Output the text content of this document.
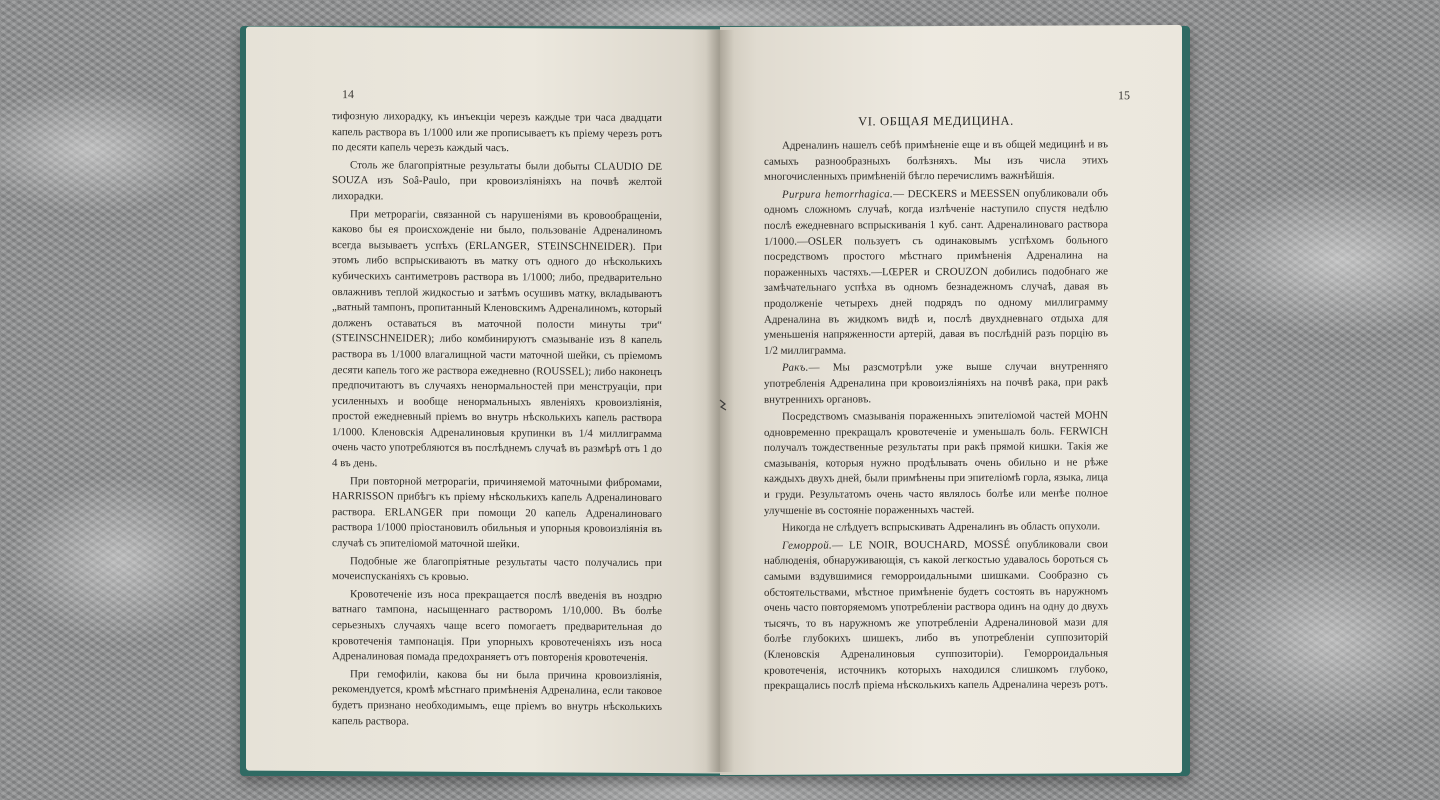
14

тифозную лихорадку, къ инъекціи черезъ каждые три часа двадцати капель раствора въ 1/1000 или же прописываетъ къ пріему черезъ ротъ по десяти капель черезъ каждый часъ.

Столь же благопріятные результаты были добыты CLAUDIO DE SOUZA изъ Soâ-Paulo, при кровоизліяніяхъ на почвѣ желтой лихорадки.

При метрорагіи, связанной съ нарушеніями въ кровообращеніи, каково бы ея происхожденіе ни было, пользованіе Адреналиномъ всегда вызываетъ успѣхъ (ERLANGER, STEINSCHNEIDER). При этомъ либо вспрыскиваютъ въ матку отъ одного до нѣсколькихъ кубическихъ сантиметровъ раствора въ 1/1000; либо, предварительно овлажнивъ теплой жидкостью и затѣмъ осушивъ матку, вкладываютъ „ватный тампонъ, пропитанный Кленовскимъ Адреналиномъ, который долженъ оставаться въ маточной полости минуты три“ (STEINSCHNEIDER); либо комбинируютъ смазываніе изъ 8 капель раствора въ 1/1000 влагалищной части маточной шейки, съ пріемомъ десяти капель того же раствора ежедневно (ROUSSEL); либо наконецъ предпочитаютъ въ случаяхъ ненормальностей при менструаціи, при усиленныхъ и вообще ненормальныхъ явленіяхъ кровоизліянія, простой ежедневный пріемъ во внутрь нѣсколькихъ капель раствора 1/1000. Кленовскія Адреналиновыя крупинки въ 1/4 миллиграмма очень часто употребляются въ послѣднемъ случаѣ въ размѣрѣ отъ 1 до 4 въ день.

При повторной метрорагіи, причиняемой маточными фибромами, HARRISSON прибѣгъ къ пріему нѣсколькихъ капель Адреналиноваго раствора. ERLANGER при помощи 20 капель Адреналиноваго раствора 1/1000 пріостановилъ обильныя и упорныя кровоизліянія въ случаѣ съ эпителіомой маточной шейки.

Подобные же благопріятные результаты часто получались при мочеиспусканіяхъ съ кровью.

Кровотеченіе изъ носа прекращается послѣ введенія въ ноздрю ватнаго тампона, насыщеннаго растворомъ 1/10,000. Въ болѣе серьезныхъ случаяхъ чаще всего помогаетъ предварительная до кровотеченія тампонація. При упорныхъ кровотеченіяхъ изъ носа Адреналиновая помада предохраняетъ отъ повторенія кровотеченія.

При гемофиліи, какова бы ни была причина кровоизліянія, рекомендуется, кромѣ мѣстнаго примѣненія Адреналина, если таковое будетъ признано необходимымъ, еще пріемъ во внутрь нѣсколькихъ капель раствора.

15
VI. ОБЩАЯ МЕДИЦИНА.

Адреналинъ нашелъ себѣ примѣненіе еще и въ общей медицинѣ и въ самыхъ разнообразныхъ болѣзняхъ. Мы изъ числа этихъ многочисленныхъ примѣненій бѣгло перечислимъ важнѣйшія.

Purpura hemorrhagica.— DECKERS и MEESSEN опубликовали объ одномъ сложномъ случаѣ, когда излѣченіе наступило спустя недѣлю послѣ ежедневнаго вспрыскиванія 1 куб. сант. Адреналиноваго раствора 1/1000.—OSLER пользуетъ съ одинаковымъ успѣхомъ больного посредствомъ простого мѣстнаго примѣненія Адреналина на пораженныхъ частяхъ.—LŒPER и CROUZON добились подобнаго же замѣчательнаго успѣха въ одномъ безнадежномъ случаѣ, давая въ продолженіе четырехъ дней подрядъ по одному миллиграмму Адреналина въ жидкомъ видѣ и, послѣ двухдневнаго отдыха для уменьшенія напряженности артерій, давая въ послѣдній разъ порцію въ 1/2 миллиграмма.

Ракъ.— Мы разсмотрѣли уже выше случаи внутренняго употребленія Адреналина при кровоизліяніяхъ на почвѣ рака, при ракѣ внутреннихъ органовъ.

Посредствомъ смазыванія пораженныхъ эпителіомой частей MOHN одновременно прекращалъ кровотеченіе и уменьшалъ боль. FERWICH получалъ тождественные результаты при ракѣ прямой кишки. Такія же смазыванія, которыя нужно продѣлывать очень обильно и не рѣже каждыхъ двухъ дней, были примѣнены при эпителіомѣ горла, языка, лица и груди. Результатомъ очень часто являлось болѣе или менѣе полное улучшеніе въ состояніе пораженныхъ частей.

Никогда не слѣдуетъ вспрыскивать Адреналинъ въ область опухоли.

Геморрой.— LE NOIR, BOUCHARD, MOSSÉ опубликовали свои наблюденія, обнаруживающія, съ какой легкостью удавалось бороться съ самыми вздувшимися геморроидальными шишками. Сообразно съ обстоятельствами, мѣстное примѣненіе будетъ состоять въ наружномъ очень часто повторяемомъ употребленіи раствора одинъ на одну до двухъ тысячъ, то въ наружномъ же употребленіи Адреналиновой мази для болѣе глубокихъ шишекъ, либо въ употребленіи суппозиторій (Кленовскія Адреналиновыя суппозиторіи). Геморроидальныя кровотеченія, источникъ которыхъ находился слишкомъ глубоко, прекращались послѣ пріема нѣсколькихъ капель Адреналина черезъ ротъ.
